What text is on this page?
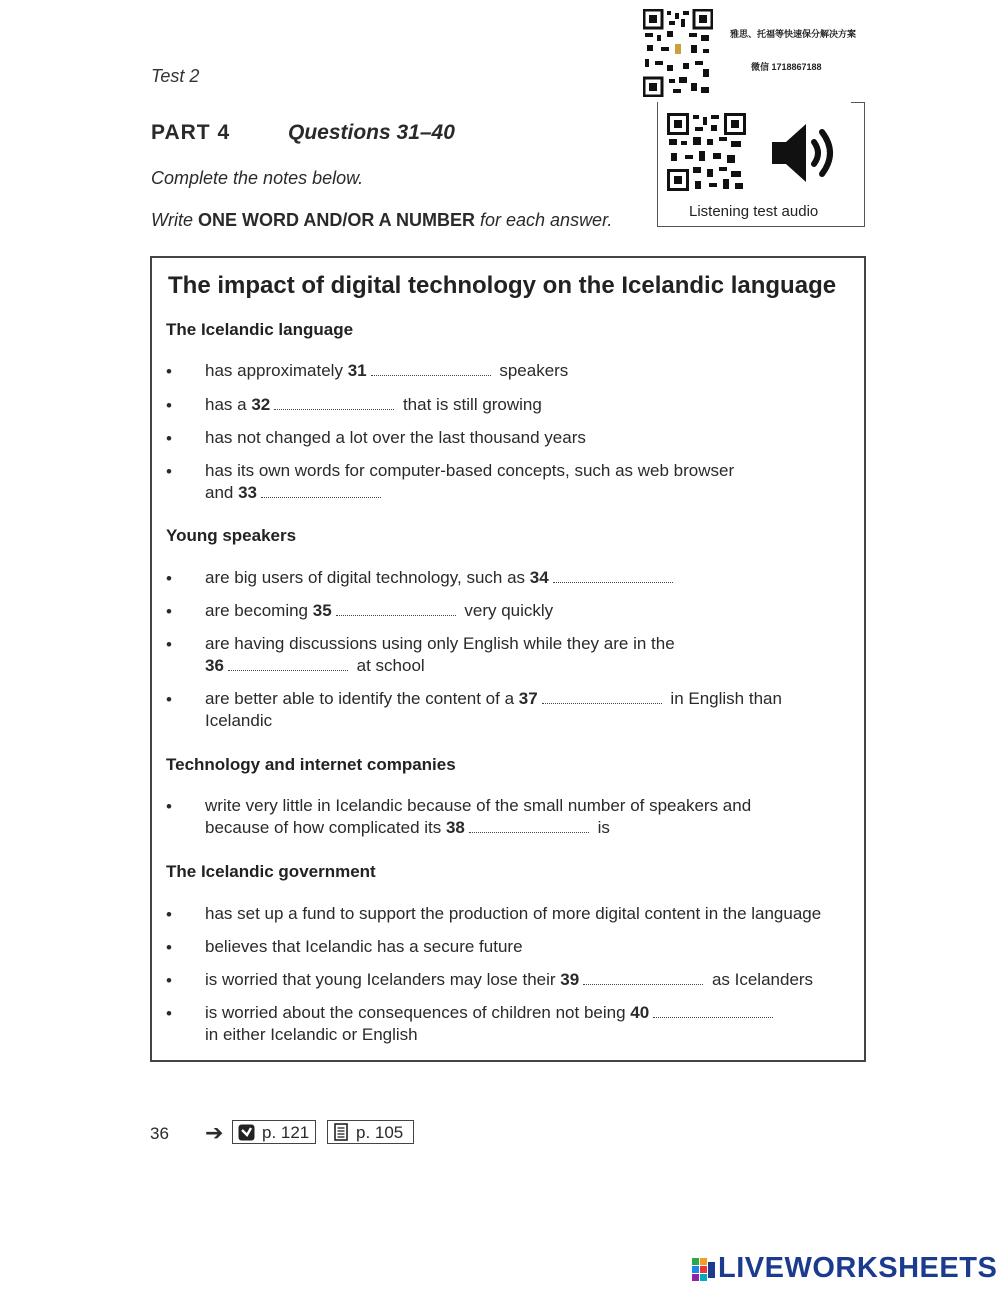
Test 2
PART 4	Questions 31–40
Complete the notes below.
Write ONE WORD AND/OR A NUMBER for each answer.
雅思、托福等快速保分解决方案
微信 1718867188
Listening test audio
The impact of digital technology on the Icelandic language
The Icelandic language
• has approximately 31	speakers
• has a 32	that is still growing
• has not changed a lot over the last thousand years
• has its own words for computer-based concepts, such as web browser
and 33
Young speakers
• are big users of digital technology, such as 34
• are becoming 35	very quickly
• are having discussions using only English while they are in the
36	at school
• are better able to identify the content of a 37	in English than
Icelandic
Technology and internet companies
• write very little in Icelandic because of the small number of speakers and
because of how complicated its 38	is
The Icelandic government
• has set up a fund to support the production of more digital content in the language
• believes that Icelandic has a secure future
• is worried that young Icelanders may lose their 39	as Icelanders
• is worried about the consequences of children not being 40
in either Icelandic or English
36 ➔ p. 121	p. 105
LIVEWORKSHEETS
